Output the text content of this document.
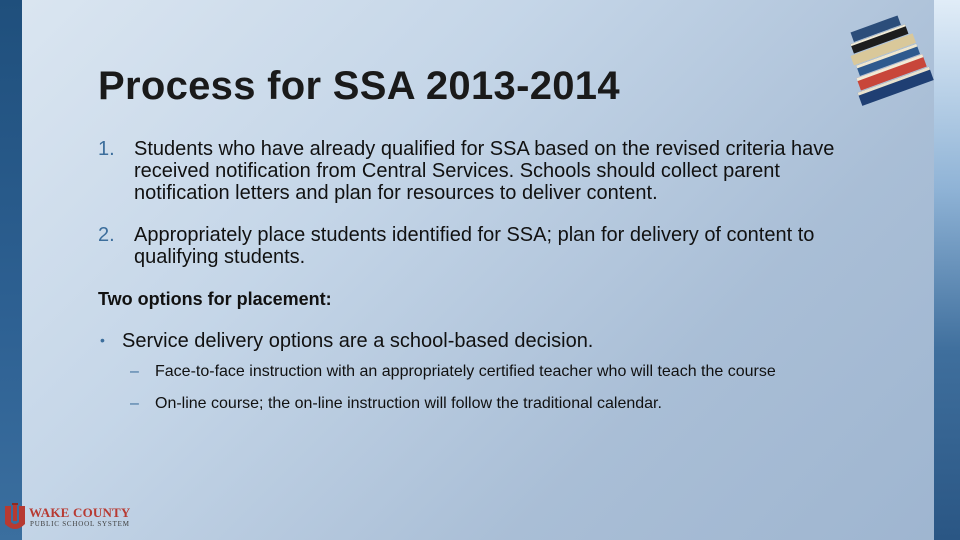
Process for SSA 2013-2014
1. Students who have already qualified for SSA based on the revised criteria have received notification from Central Services. Schools should collect parent notification letters and plan for resources to deliver content.
2. Appropriately place students identified for SSA; plan for delivery of content to qualifying students.

Two options for placement:

• Service delivery options are a school-based decision.
– Face-to-face instruction with an appropriately certified teacher who will teach the course
– On-line course; the on-line instruction will follow the traditional calendar.
WAKE COUNTY
PUBLIC SCHOOL SYSTEM
